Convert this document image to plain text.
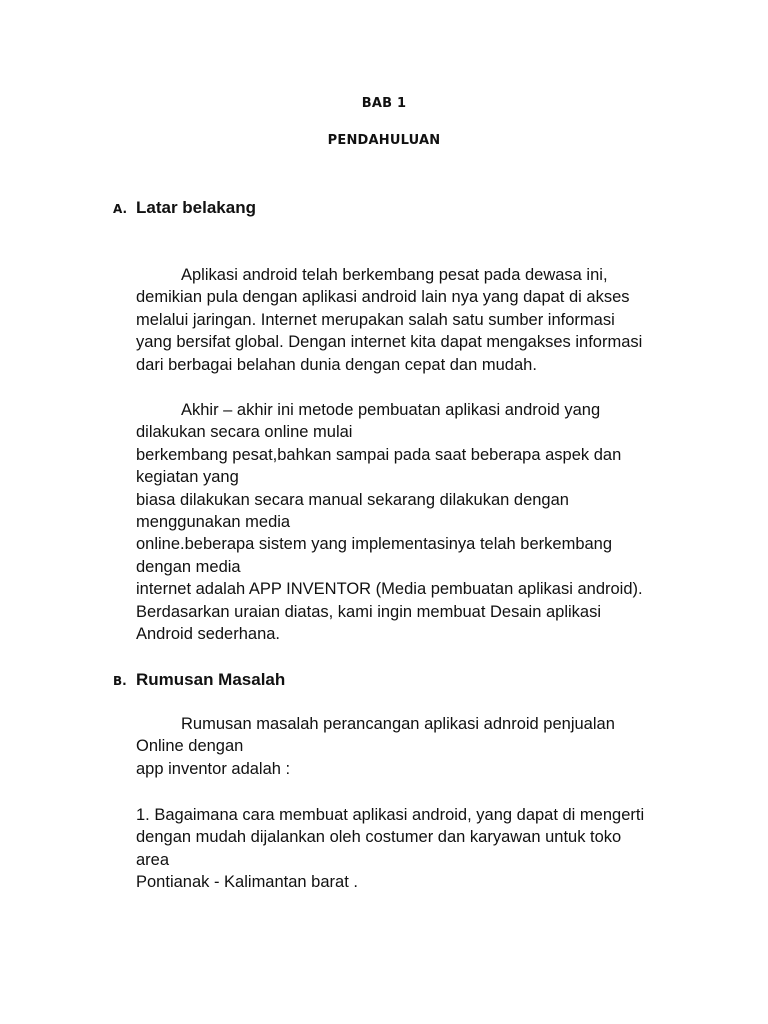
BAB 1
PENDAHULUAN
A. Latar belakang
Aplikasi android telah berkembang pesat pada dewasa ini,
demikian pula dengan aplikasi android lain nya yang dapat di akses
melalui jaringan. Internet merupakan salah satu sumber informasi
yang bersifat global. Dengan internet kita dapat mengakses informasi
dari berbagai belahan dunia dengan cepat dan mudah.
Akhir – akhir ini metode pembuatan aplikasi android yang
dilakukan secara online mulai
berkembang pesat,bahkan sampai pada saat beberapa aspek dan
kegiatan yang
biasa dilakukan secara manual sekarang dilakukan dengan
menggunakan media
online.beberapa sistem yang implementasinya telah berkembang
dengan media
internet adalah APP INVENTOR (Media pembuatan aplikasi android).
Berdasarkan uraian diatas, kami ingin membuat Desain aplikasi
Android sederhana.
B. Rumusan Masalah
Rumusan masalah perancangan aplikasi adnroid penjualan
Online dengan
app inventor adalah :
1. Bagaimana cara membuat aplikasi android, yang dapat di mengerti
dengan mudah dijalankan oleh costumer dan karyawan untuk toko
area
Pontianak - Kalimantan barat .
